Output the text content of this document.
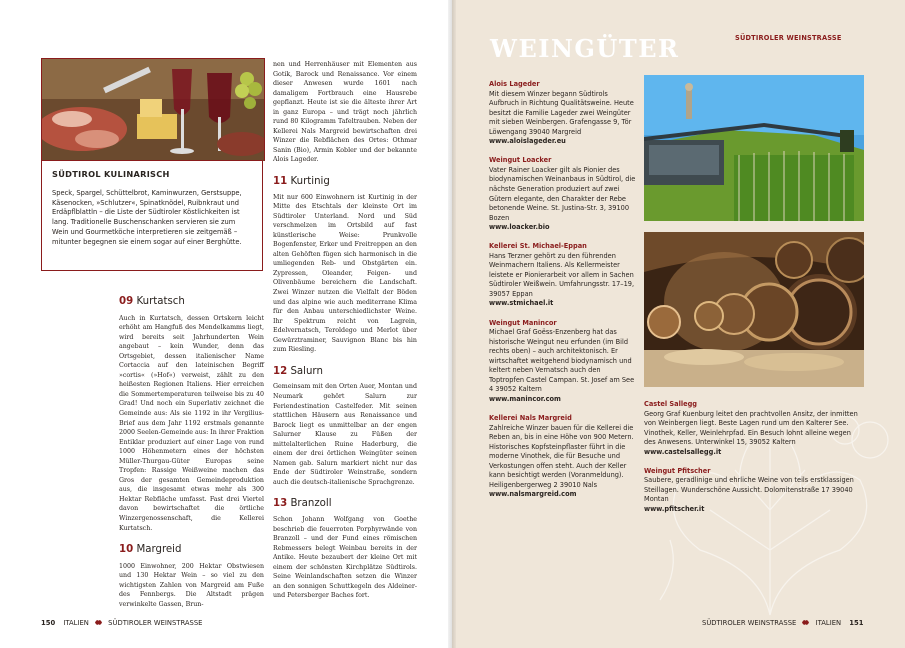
SÜDTIROL KULINARISCH

Speck, Spargel, Schüttelbrot, Kaminwurzen, Gerstsuppe, Käsenocken, »Schlutzer«, Spinatknödel, Ruibnkraut und Erdäpflblattln – die Liste der Südtiroler Köstlichkeiten ist lang. Traditionelle Buschenschanken servieren sie zum Wein und Gourmetköche interpretieren sie zeitgemäß – mitunter begegnen sie einem sogar auf einer Berghütte.

09 Kurtatsch

Auch in Kurtatsch, dessen Ortskern leicht erhöht am Hangfuß des Mendelkamms liegt, wird bereits seit Jahrhunderten Wein angebaut – kein Wunder, denn das Ortsgebiet, dessen italienischer Name Cortaccia auf den lateinischen Begriff »cortis« (»Hof«) verweist, zählt zu den heißesten Regionen Italiens. Hier erreichen die Sommertemperaturen teilweise bis zu 40 Grad! Und noch ein Superlativ zeichnet die Gemeinde aus: Als sie 1192 in ihr Vergilius-Brief aus dem Jahr 1192 erstmals genannte 2000 Seelen-Gemeinde aus: In ihrer Fraktion Entiklar produziert auf einer Lage von rund 1000 Höhenmetern eines der höchsten Müller-Thurgau-Güter Europas seine Tropfen: Rassige Weißweine machen das Gros der gesamten Gemeindeproduktion aus, die insgesamt etwas mehr als 300 Hektar Rebfläche umfasst. Fast drei Viertel davon bewirtschaftet die örtliche Winzergenossenschaft, die Kellerei Kurtatsch.

10 Margreid

1000 Einwohner, 200 Hektar Obstwiesen und 130 Hektar Wein – so viel zu den wichtigsten Zahlen von Margreid am Fuße des Fennbergs. Die Altstadt prägen verwinkelte Gassen, Brun-

nen und Herrenhäuser mit Elementen aus Gotik, Barock und Renaissance. Vor einem dieser Anwesen wurde 1601 nach damaligem Fortbrauch eine Hausrebe gepflanzt. Heute ist sie die älteste ihrer Art in ganz Europa – und trägt noch jährlich rund 80 Kilogramm Tafeltrauben. Neben der Kellerei Nals Margreid bewirtschaften drei Winzer die Rebflächen des Ortes: Othmar Sanin (Bio), Armin Kobler und der bekannte Alois Lageder.

11 Kurtinig

Mit nur 600 Einwohnern ist Kurtinig in der Mitte des Etschtals der kleinste Ort im Südtiroler Unterland. Nord und Süd verschmelzen im Ortsbild auf fast künstlerische Weise: Prunkvolle Bogenfenster, Erker und Freitreppen an den alten Gehöften fügen sich harmonisch in die umliegenden Reb- und Obstgärten ein. Zypressen, Oleander, Feigen- und Olivenbäume bereichern die Landschaft. Zwei Winzer nutzen die Vielfalt der Böden und das alpine wie auch mediterrane Klima für den Anbau unterschiedlichster Weine. Ihr Spektrum reicht von Lagrein, Edelvernatsch, Teroldego und Merlot über Gewürztraminer, Sauvignon Blanc bis hin zum Riesling.

12 Salurn

Gemeinsam mit den Orten Auer, Montan und Neumark gehört Salurn zur Feriendestination Castelfeder. Mit seinen stattlichen Häusern aus Renaissance und Barock liegt es unmittelbar an der engen Salurner Klause zu Füßen der mittelalterlichen Ruine Haderburg, die einem der drei örtlichen Weingüter seinen Namen gab. Salurn markiert nicht nur das Ende der Südtiroler Weinstraße, sondern auch die deutsch-italienische Sprachgrenze.

13 Branzoll

Schon Johann Wolfgang von Goethe beschrieb die feuerroten Porphyrwände von Branzoll – und der Fund eines römischen Rebmessers belegt Weinbau bereits in der Antike. Heute bezaubert der kleine Ort mit einem der schönsten Kirchplätze Südtirols. Seine Weinlandschaften setzen die Winzer an den sonnigen Schuttkegeln des Aldeiner- und Petersberger Baches fort.

150 ITALIEN	SÜDTIROLER WEINSTRASSE
WEINGÜTER	SÜDTIROLER WEINSTRASSE
Alois Lageder
Mit diesem Winzer begann Südtirols Aufbruch in Richtung Qualitätsweine. Heute besitzt die Familie Lageder zwei Weingüter mit sieben Weinbergen. Grafengasse 9, Tör Löwengang 39040 Margreid
www.aloislageder.eu
Weingut Loacker
Vater Rainer Loacker gilt als Pionier des biodynamischen Weinanbaus in Südtirol, die nächste Generation produziert auf zwei Gütern elegante, den Charakter der Rebe betonende Weine. St. Justina-Str. 3, 39100 Bozen
www.loacker.bio
Kellerei St. Michael-Eppan
Hans Terzner gehört zu den führenden Weinmachern Italiens. Als Kellermeister leistete er Pionierarbeit vor allem in Sachen Südtiroler Weißwein. Umfahrungsstr. 17–19, 39057 Eppan
www.stmichael.it
Weingut Manincor
Michael Graf Goëss-Enzenberg hat das historische Weingut neu erfunden (im Bild rechts oben) – auch architektonisch. Er wirtschaftet weitgehend biodynamisch und keltert neben Vernatsch auch den Toptropfen Castel Campan. St. Josef am See 4 39052 Kaltern
www.manincor.com
Kellerei Nals Margreid
Zahlreiche Winzer bauen für die Kellerei die Reben an, bis in eine Höhe von 900 Metern. Historisches Kopfsteinpflaster führt in die moderne Vinothek, die für Besuche und Verkostungen offen steht. Auch der Keller kann besichtigt werden (Voranmeldung). Heiligenbergerweg 2 39010 Nals
www.nalsmargreid.com
Castel Sallegg
Georg Graf Kuenburg leitet den prachtvollen Ansitz, der inmitten von Weinbergen liegt. Beste Lagen rund um den Kalterer See. Vinothek, Keller, Weinlehrpfad. Ein Besuch lohnt alleine wegen des Anwesens. Unterwinkel 15, 39052 Kaltern
www.castelsallegg.it
Weingut Pfitscher
Saubere, geradlinige und ehrliche Weine von teils erstklassigen Steillagen. Wunderschöne Aussicht. Dolomitenstraße 17 39040 Montan
www.pfitscher.it
SÜDTIROLER WEINSTRASSE	ITALIEN 151
